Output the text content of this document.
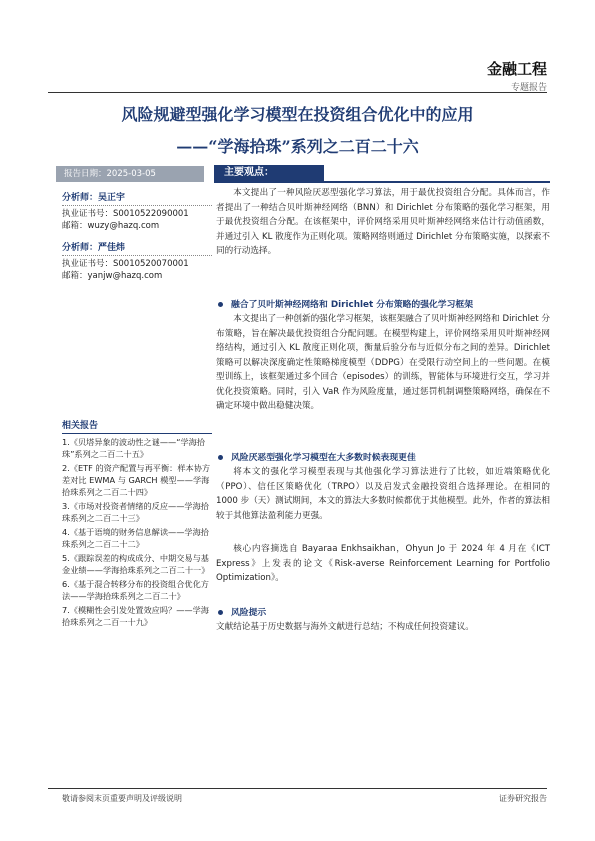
金融工程
专题报告
风险规避型强化学习模型在投资组合优化中的应用
——“学海拾珠”系列之二百二十六
报告日期：2025-03-05
分析师：吴正宇
执业证书号：S0010522090001
邮箱：wuzy@hazq.com
分析师：严佳炜
执业证书号：S0010520070001
邮箱：yanjw@hazq.com
相关报告
1.《贝塔异象的波动性之谜——“学海拾珠”系列之二百二十五》
2.《ETF 的资产配置与再平衡：样本协方差对比 EWMA 与 GARCH 模型——学海拾珠系列之二百二十四》
3.《市场对投资者情绪的反应——学海拾珠系列之二百二十三》
4.《基于语境的财务信息解读——学海拾珠系列之二百二十二》
5.《跟踪误差的构成成分、中期交易与基金业绩——学海拾珠系列之二百二十一》
6.《基于混合转移分布的投资组合优化方法——学海拾珠系列之二百二十》
7.《模糊性会引发处置效应吗？——学海拾珠系列之二百一十九》
主要观点：

本文提出了一种风险厌恶型强化学习算法，用于最优投资组合分配。具体而言，作者提出了一种结合贝叶斯神经网络（BNN）和 Dirichlet 分布策略的强化学习框架，用于最优投资组合分配。在该框架中，评价网络采用贝叶斯神经网络来估计行动值函数，并通过引入 KL 散度作为正则化项。策略网络则通过 Dirichlet 分布策略实施，以探索不同的行动选择。

融合了贝叶斯神经网络和 Dirichlet 分布策略的强化学习框架

本文提出了一种创新的强化学习框架，该框架融合了贝叶斯神经网络和 Dirichlet 分布策略，旨在解决最优投资组合分配问题。在模型构建上，评价网络采用贝叶斯神经网络结构，通过引入 KL 散度正则化项，衡量后验分布与近似分布之间的差异。Dirichlet 策略可以解决深度确定性策略梯度模型（DDPG）在受限行动空间上的一些问题。在模型训练上，该框架通过多个回合（episodes）的训练，智能体与环境进行交互，学习并优化投资策略。同时，引入 VaR 作为风险度量，通过惩罚机制调整策略网络，确保在不确定环境中做出稳健决策。

风险厌恶型强化学习模型在大多数时候表现更佳

将本文的强化学习模型表现与其他强化学习算法进行了比较，如近端策略优化（PPO）、信任区策略优化（TRPO）以及启发式金融投资组合选择理论。在相同的 1000 步（天）测试期间，本文的算法大多数时候都优于其他模型。此外，作者的算法相较于其他算法盈利能力更强。

核心内容摘选自 Bayaraa Enkhsaikhan，Ohyun Jo 于 2024 年 4 月在《ICT Express》上发表的论文《Risk-averse Reinforcement Learning for Portfolio Optimization》。

风险提示

文献结论基于历史数据与海外文献进行总结；不构成任何投资建议。

敬请参阅末页重要声明及评级说明	证券研究报告
